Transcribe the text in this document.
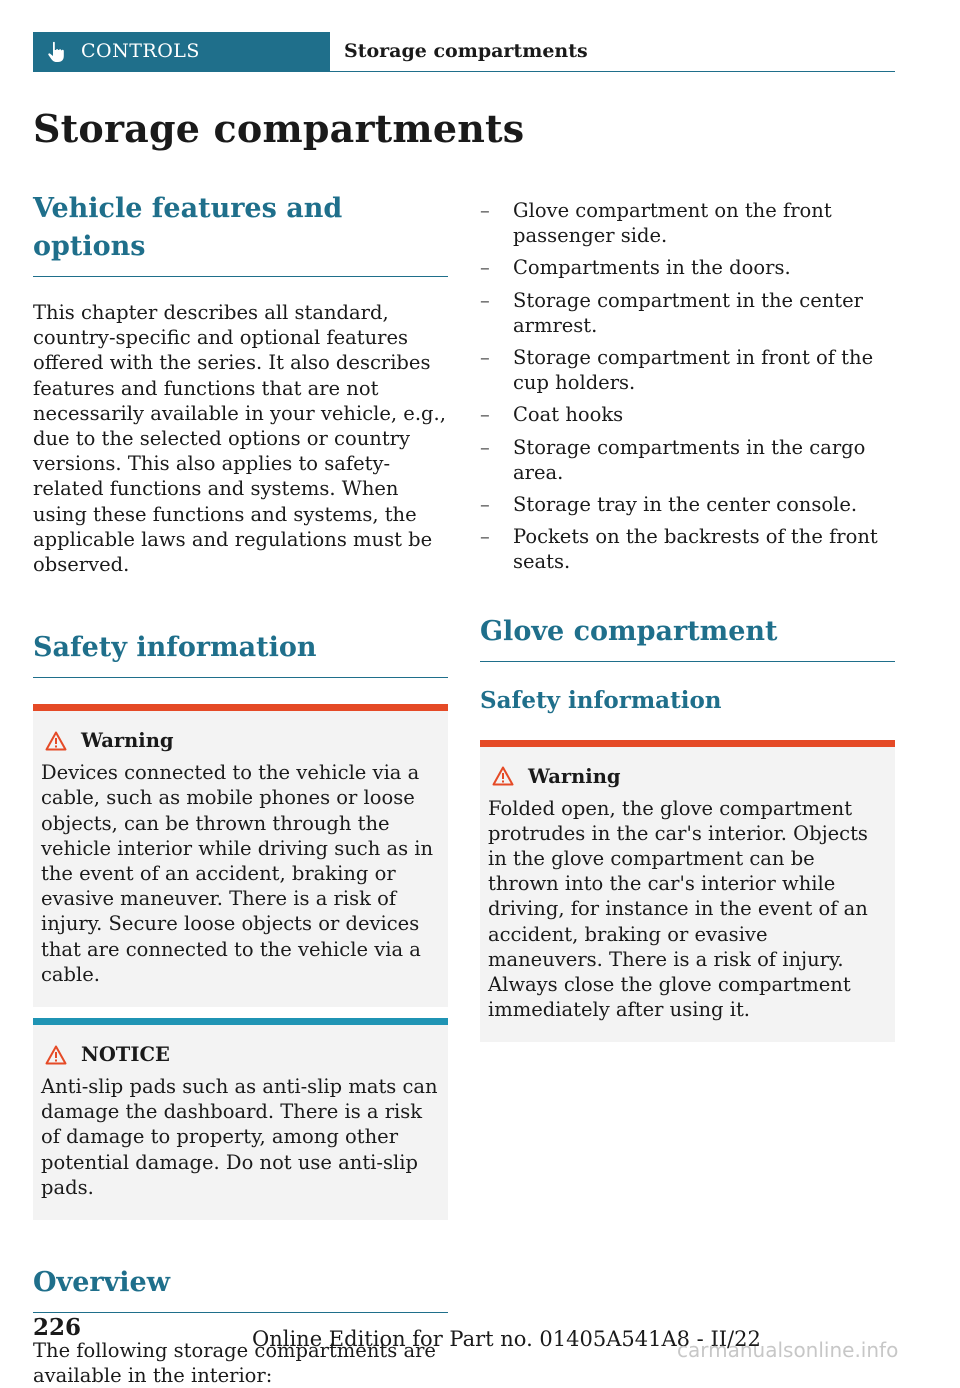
CONTROLS	Storage compartments
Storage compartments
Vehicle features and options

This chapter describes all standard, country-specific and optional features offered with the series. It also describes features and functions that are not necessarily available in your vehicle, e.g., due to the selected options or country versions. This also applies to safety-related functions and systems. When using these functions and systems, the applicable laws and regulations must be observed.

Safety information
Warning

Devices connected to the vehicle via a cable, such as mobile phones or loose objects, can be thrown through the vehicle interior while driving such as in the event of an accident, braking or evasive maneuver. There is a risk of injury. Secure loose objects or devices that are connected to the vehicle via a cable.

NOTICE

Anti-slip pads such as anti-slip mats can damage the dashboard. There is a risk of damage to property, among other potential damage. Do not use anti-slip pads.

Overview

The following storage compartments are available in the interior:

– Glove compartment on the front passenger side.
– Compartments in the doors.
– Storage compartment in the center armrest.
– Storage compartment in front of the cup holders.
– Coat hooks
– Storage compartments in the cargo area.
– Storage tray in the center console.
– Pockets on the backrests of the front seats.
Glove compartment
Safety information
Warning

Folded open, the glove compartment protrudes in the car's interior. Objects in the glove compartment can be thrown into the car's interior while driving, for instance in the event of an accident, braking or evasive maneuvers. There is a risk of injury. Always close the glove compartment immediately after using it.

226	Online Edition for Part no. 01405A541A8 - II/22
carmanualsonline.info
